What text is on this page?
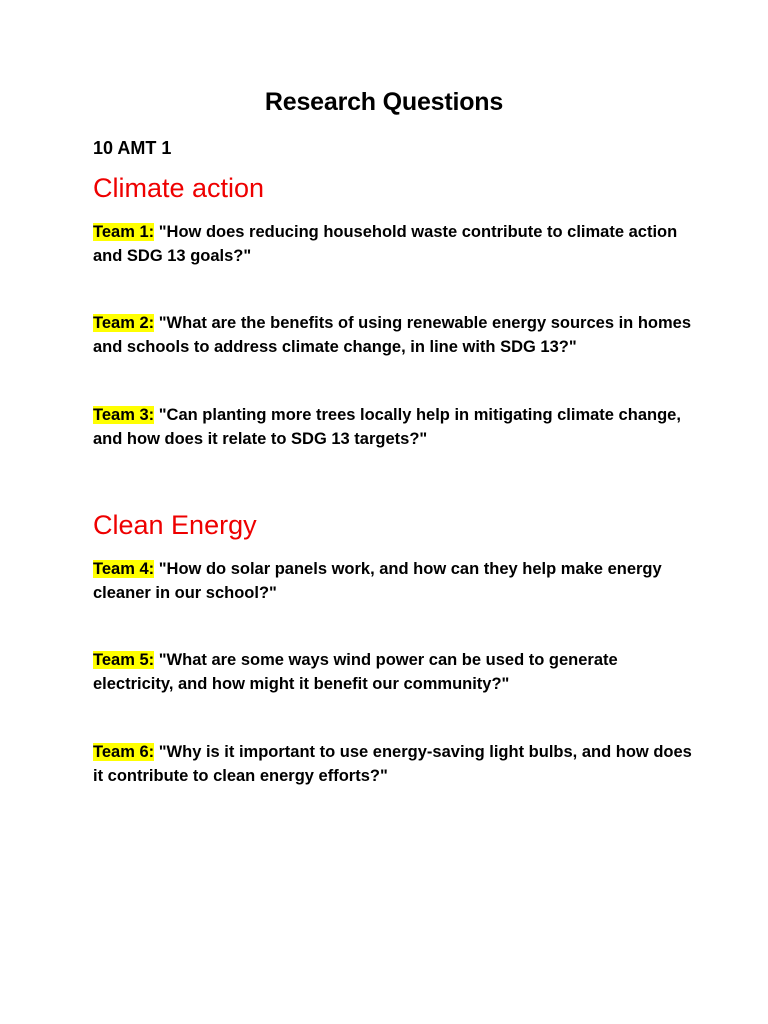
Research Questions
10 AMT 1
Climate action
Team 1: "How does reducing household waste contribute to climate action and SDG 13 goals?"
Team 2: "What are the benefits of using renewable energy sources in homes and schools to address climate change, in line with SDG 13?"
Team 3: "Can planting more trees locally help in mitigating climate change, and how does it relate to SDG 13 targets?"
Clean Energy
Team 4: "How do solar panels work, and how can they help make energy cleaner in our school?"
Team 5: "What are some ways wind power can be used to generate electricity, and how might it benefit our community?"
Team 6: "Why is it important to use energy-saving light bulbs, and how does it contribute to clean energy efforts?"
